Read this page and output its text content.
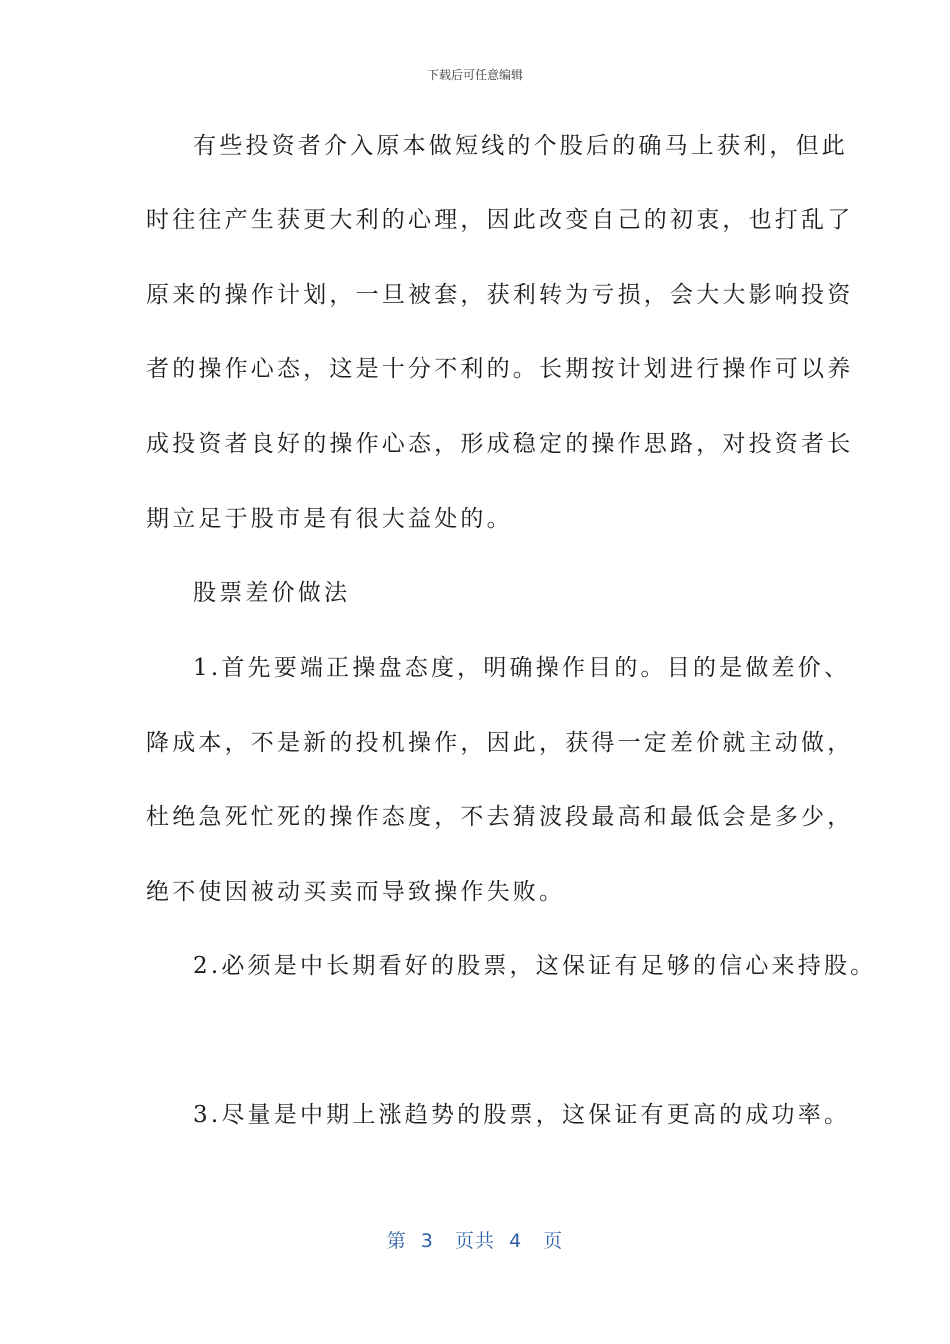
下载后可任意编辑
有些投资者介入原本做短线的个股后的确马上获利，但此
时往往产生获更大利的心理，因此改变自己的初衷，也打乱了
原来的操作计划，一旦被套，获利转为亏损，会大大影响投资
者的操作心态，这是十分不利的。长期按计划进行操作可以养
成投资者良好的操作心态，形成稳定的操作思路，对投资者长
期立足于股市是有很大益处的。
股票差价做法
1.首先要端正操盘态度，明确操作目的。目的是做差价、
降成本，不是新的投机操作，因此，获得一定差价就主动做，
杜绝急死忙死的操作态度，不去猜波段最高和最低会是多少，
绝不使因被动买卖而导致操作失败。
2.必须是中长期看好的股票，这保证有足够的信心来持股。
3.尽量是中期上涨趋势的股票，这保证有更高的成功率。
第  3   页共  4   页
